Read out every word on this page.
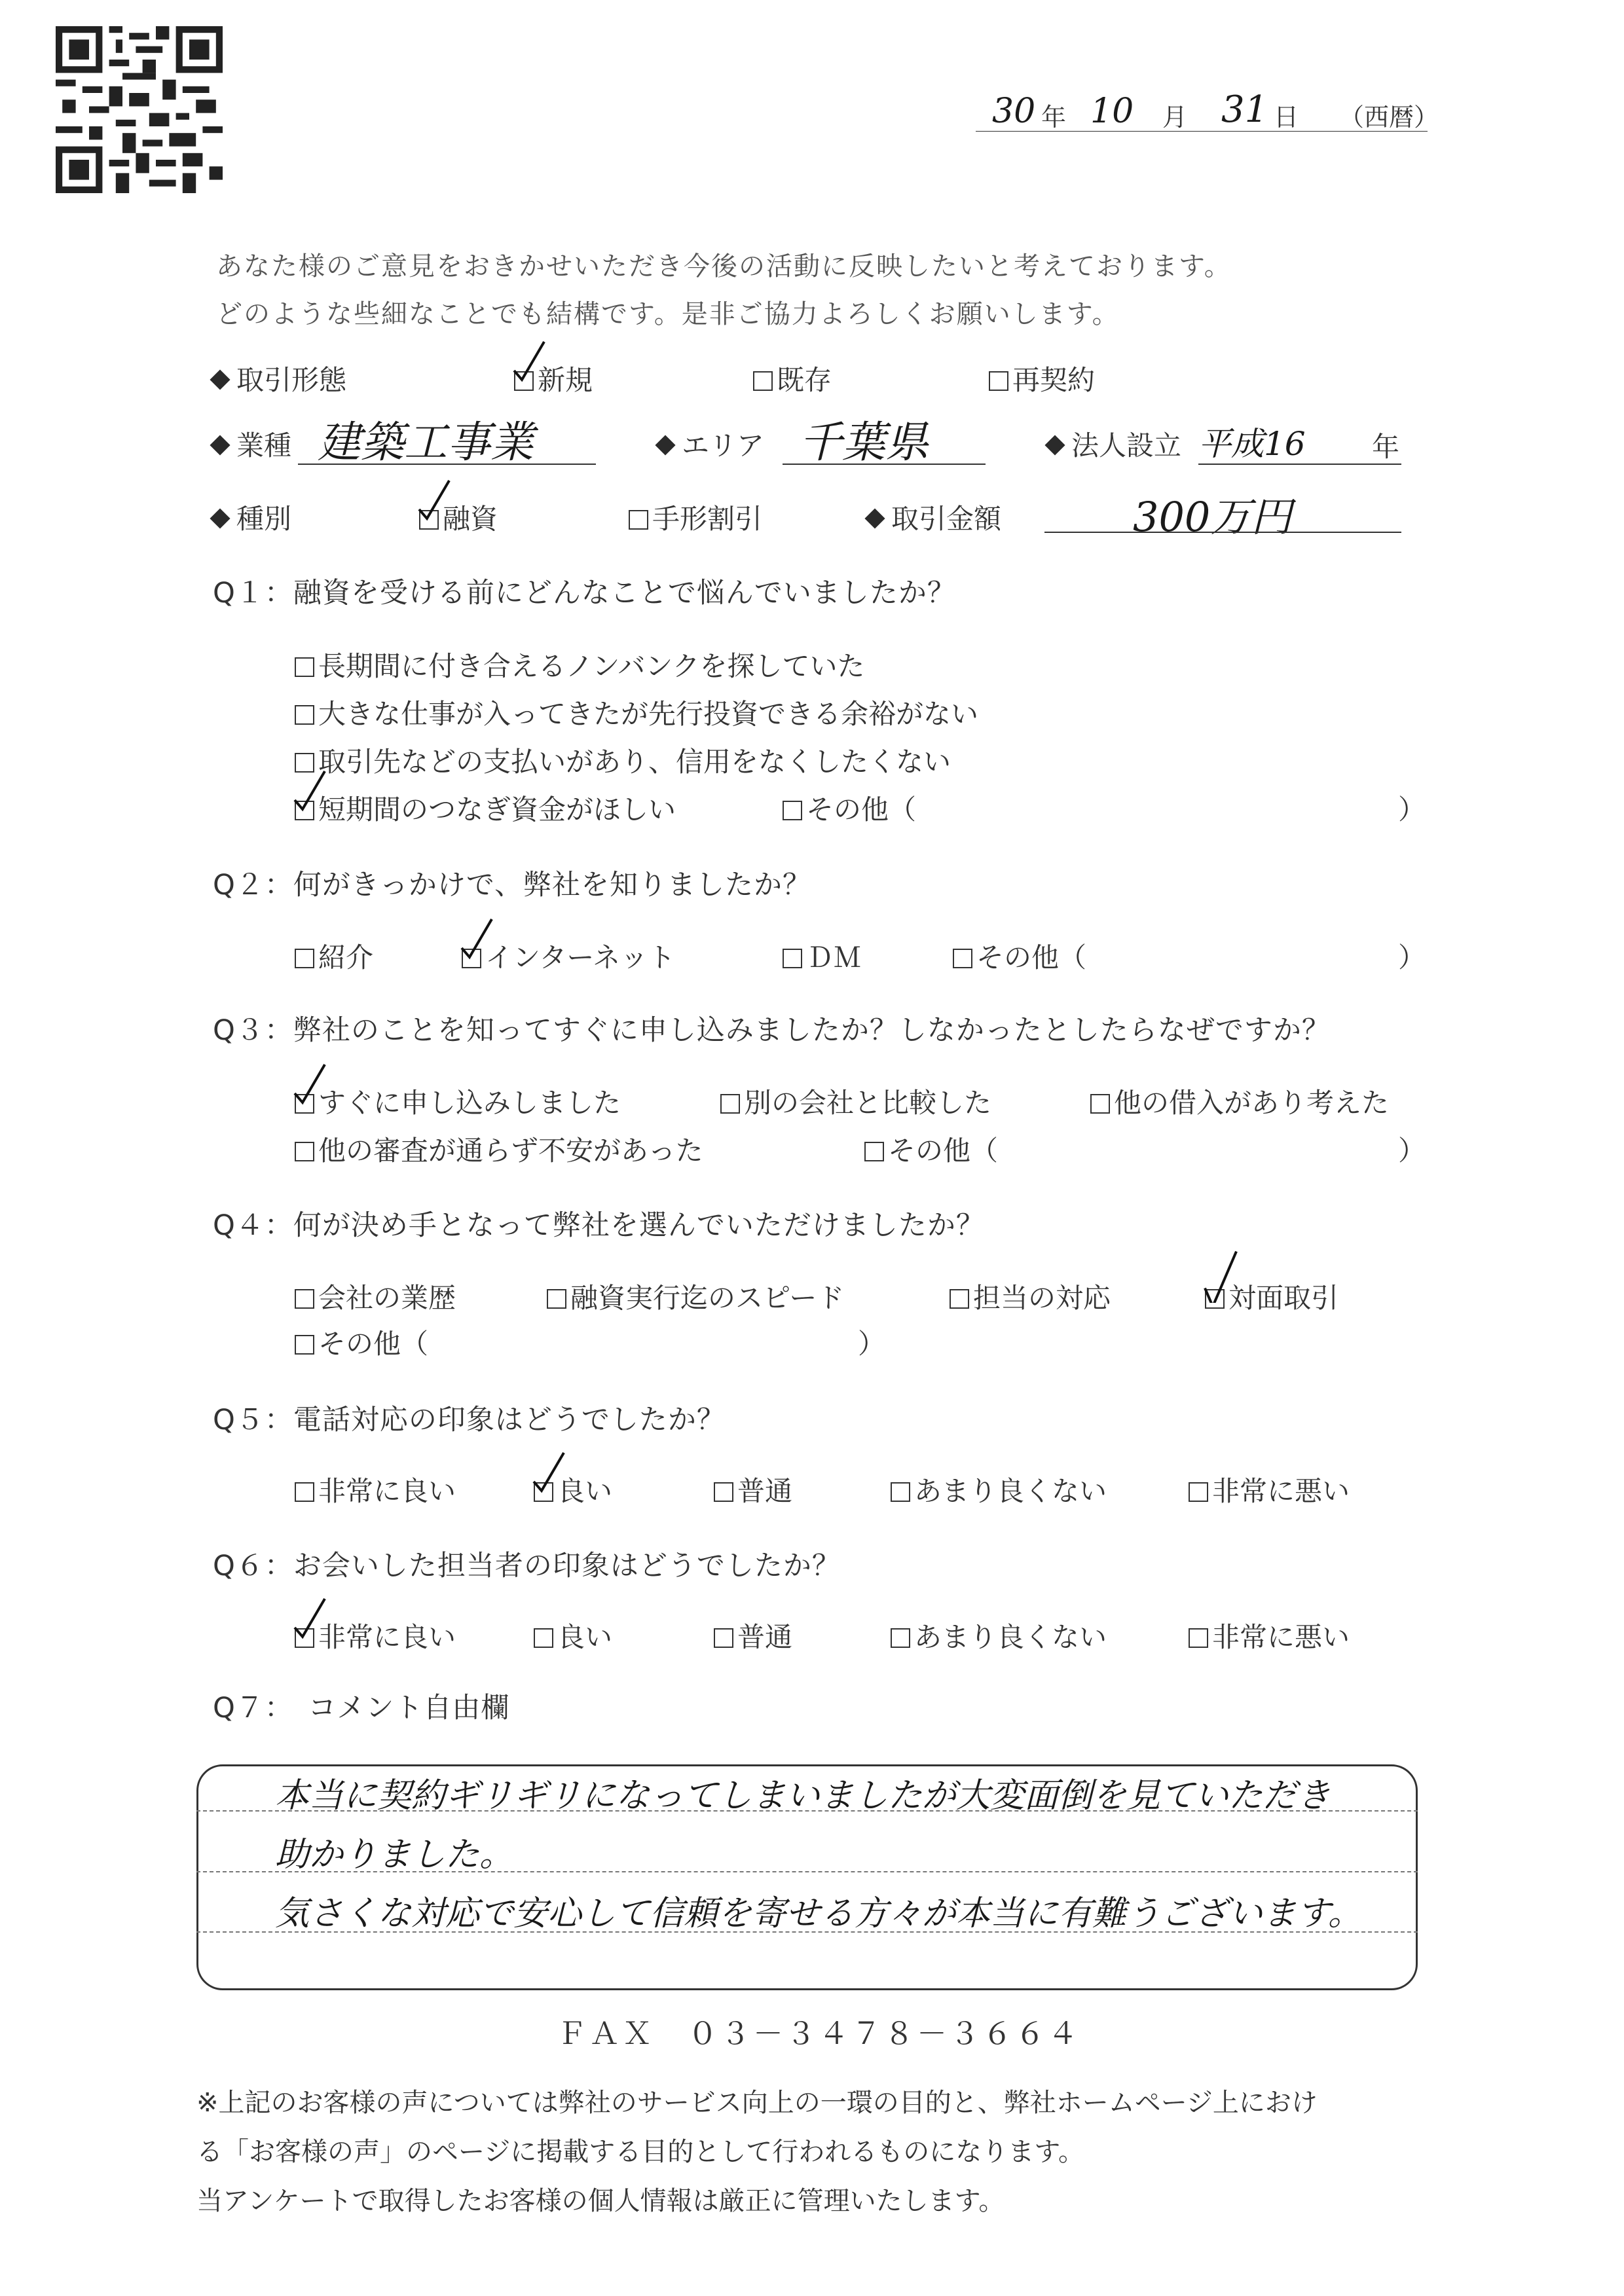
30 年 10 月 31 日 （西暦）
あなた様のご意見をおきかせいただき今後の活動に反映したいと考えております。
どのような些細なことでも結構です。是非ご協力よろしくお願いします。
取引形態	新規	既存	再契約
業種 建築工事業	エリア 千葉県	法人設立 平成16 年
種別	融資	手形割引	取引金額	300万円
Q１：融資を受ける前にどんなことで悩んでいましたか？
長期間に付き合えるノンバンクを探していた
大きな仕事が入ってきたが先行投資できる余裕がない
取引先などの支払いがあり、信用をなくしたくない
短期間のつなぎ資金がほしい	その他（	）
Q２：何がきっかけで、弊社を知りましたか？
紹介	インターネット	ＤＭ	その他（	）
Q３：弊社のことを知ってすぐに申し込みましたか？しなかったとしたらなぜですか？
すぐに申し込みしました	別の会社と比較した	他の借入があり考えた
他の審査が通らず不安があった	その他（	）
Q４：何が決め手となって弊社を選んでいただけましたか？
会社の業歴	融資実行迄のスピード	担当の対応	対面取引
その他（	）
Q５：電話対応の印象はどうでしたか？
非常に良い	良い	普通	あまり良くない	非常に悪い
Q６：お会いした担当者の印象はどうでしたか？
非常に良い	良い	普通	あまり良くない	非常に悪い
Q７：　コメント自由欄
本当に契約ギリギリになってしまいましたが大変面倒を見ていただき
助かりました。
気さくな対応で安心して信頼を寄せる方々が本当に有難うございます。
ＦＡＸ　０３－３４７８－３６６４
※上記のお客様の声については弊社のサービス向上の一環の目的と、弊社ホームページ上におけ
る「お客様の声」のページに掲載する目的として行われるものになります。
当アンケートで取得したお客様の個人情報は厳正に管理いたします。
